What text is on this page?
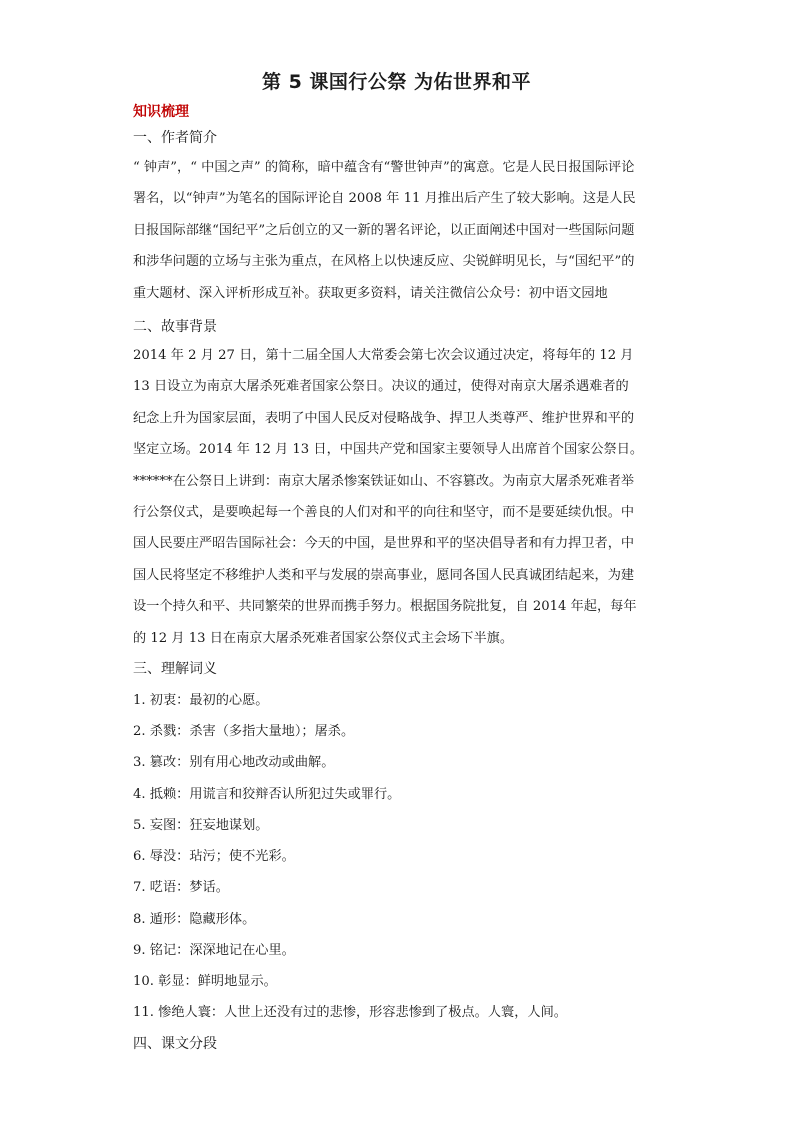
第 5 课国行公祭 为佑世界和平
知识梳理
一、作者简介
“ 钟声”，“ 中国之声” 的简称，暗中蕴含有“警世钟声”的寓意。它是人民日报国际评论
署名，以“钟声”为笔名的国际评论自 2008 年 11 月推出后产生了较大影响。这是人民
日报国际部继“国纪平”之后创立的又一新的署名评论，以正面阐述中国对一些国际问题
和涉华问题的立场与主张为重点，在风格上以快速反应、尖锐鲜明见长，与“国纪平”的
重大题材、深入评析形成互补。获取更多资料，请关注微信公众号：初中语文园地
二、故事背景
2014 年 2 月 27 日，第十二届全国人大常委会第七次会议通过决定，将每年的 12 月
13 日设立为南京大屠杀死难者国家公祭日。决议的通过，使得对南京大屠杀遇难者的
纪念上升为国家层面，表明了中国人民反对侵略战争、捍卫人类尊严、维护世界和平的
坚定立场。2014 年 12 月 13 日，中国共产党和国家主要领导人出席首个国家公祭日。
******在公祭日上讲到：南京大屠杀惨案铁证如山、不容篡改。为南京大屠杀死难者举
行公祭仪式，是要唤起每一个善良的人们对和平的向往和坚守，而不是要延续仇恨。中
国人民要庄严昭告国际社会：今天的中国，是世界和平的坚决倡导者和有力捍卫者，中
国人民将坚定不移维护人类和平与发展的崇高事业，愿同各国人民真诚团结起来，为建
设一个持久和平、共同繁荣的世界而携手努力。根据国务院批复，自 2014 年起，每年
的 12 月 13 日在南京大屠杀死难者国家公祭仪式主会场下半旗。
三、理解词义
1. 初衷：最初的心愿。
2. 杀戮：杀害（多指大量地）；屠杀。
3. 篡改：别有用心地改动或曲解。
4. 抵赖：用谎言和狡辩否认所犯过失或罪行。
5. 妄图：狂妄地谋划。
6. 辱没：玷污；使不光彩。
7. 呓语：梦话。
8. 遁形：隐藏形体。
9. 铭记：深深地记在心里。
10. 彰显：鲜明地显示。
11. 惨绝人寰：人世上还没有过的悲惨，形容悲惨到了极点。人寰，人间。
四、课文分段
